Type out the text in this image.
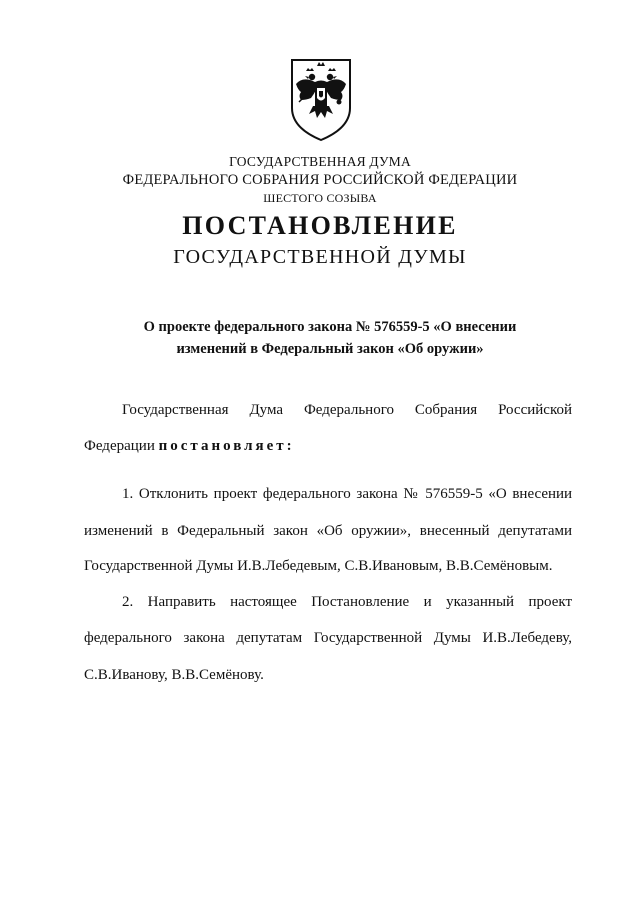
ГОСУДАРСТВЕННАЯ ДУМА
ФЕДЕРАЛЬНОГО СОБРАНИЯ РОССИЙСКОЙ ФЕДЕРАЦИИ
ШЕСТОГО СОЗЫВА
ПОСТАНОВЛЕНИЕ
ГОСУДАРСТВЕННОЙ ДУМЫ
О проекте федерального закона № 576559-5 «О внесении
изменений в Федеральный закон «Об оружии»
Государственная Дума Федерального Собрания Российской
Федерации постановляет:
1. Отклонить проект федерального закона № 576559-5 «О внесении
изменений в Федеральный закон «Об оружии», внесенный депутатами
Государственной Думы И.В.Лебедевым, С.В.Ивановым, В.В.Семёновым.
2. Направить настоящее Постановление и указанный проект
федерального закона депутатам Государственной Думы И.В.Лебедеву,
С.В.Иванову, В.В.Семёнову.
